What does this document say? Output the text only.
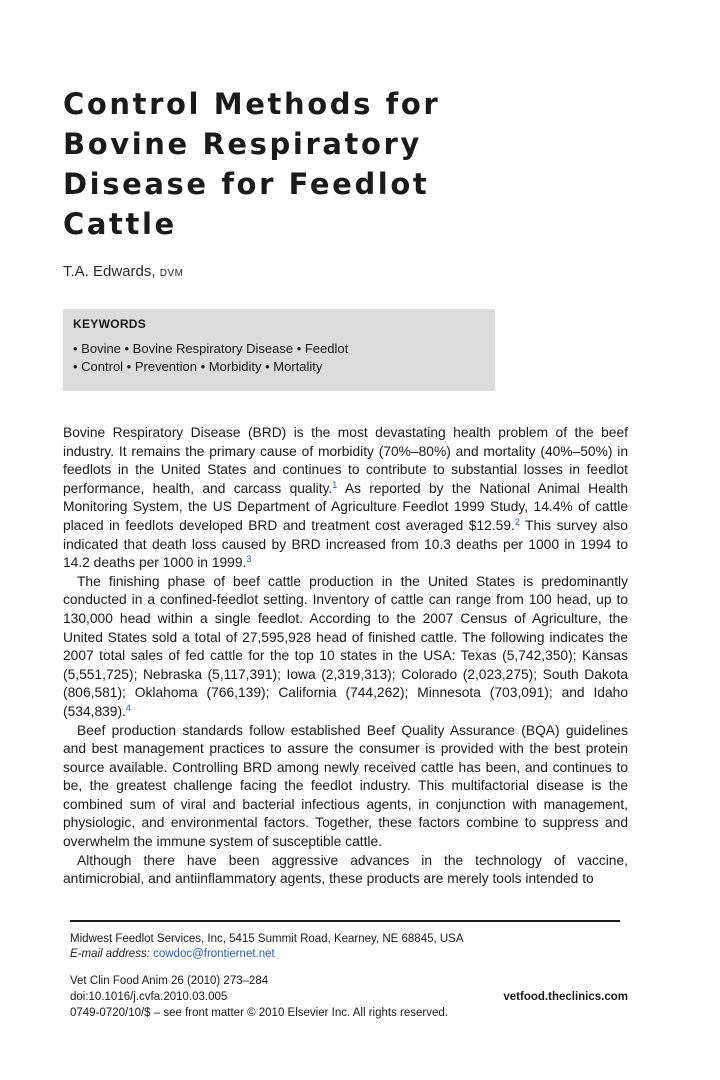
Control Methods for
Bovine Respiratory
Disease for Feedlot
Cattle
T.A. Edwards, DVM
KEYWORDS
• Bovine • Bovine Respiratory Disease • Feedlot
• Control • Prevention • Morbidity • Mortality

Bovine Respiratory Disease (BRD) is the most devastating health problem of the beef industry. It remains the primary cause of morbidity (70%–80%) and mortality (40%–50%) in feedlots in the United States and continues to contribute to substantial losses in feedlot performance, health, and carcass quality.$^1$ As reported by the National Animal Health Monitoring System, the US Department of Agriculture Feedlot 1999 Study, 14.4% of cattle placed in feedlots developed BRD and treatment cost averaged $12.59.$^2$ This survey also indicated that death loss caused by BRD increased from 10.3 deaths per 1000 in 1994 to 14.2 deaths per 1000 in 1999.$^3$

The finishing phase of beef cattle production in the United States is predominantly conducted in a confined-feedlot setting. Inventory of cattle can range from 100 head, up to 130,000 head within a single feedlot. According to the 2007 Census of Agriculture, the United States sold a total of 27,595,928 head of finished cattle. The following indicates the 2007 total sales of fed cattle for the top 10 states in the USA: Texas (5,742,350); Kansas (5,551,725); Nebraska (5,117,391); Iowa (2,319,313); Colorado (2,023,275); South Dakota (806,581); Oklahoma (766,139); California (744,262); Minnesota (703,091); and Idaho (534,839).$^4$

Beef production standards follow established Beef Quality Assurance (BQA) guidelines and best management practices to assure the consumer is provided with the best protein source available. Controlling BRD among newly received cattle has been, and continues to be, the greatest challenge facing the feedlot industry. This multifactorial disease is the combined sum of viral and bacterial infectious agents, in conjunction with management, physiologic, and environmental factors. Together, these factors combine to suppress and overwhelm the immune system of susceptible cattle.

Although there have been aggressive advances in the technology of vaccine, antimicrobial, and antiinflammatory agents, these products are merely tools intended to

Midwest Feedlot Services, Inc, 5415 Summit Road, Kearney, NE 68845, USA
E-mail address: cowdoc@frontiernet.net
Vet Clin Food Anim 26 (2010) 273–284
doi:10.1016/j.cvfa.2010.03.005	vetfood.theclinics.com
0749-0720/10/$ – see front matter © 2010 Elsevier Inc. All rights reserved.
